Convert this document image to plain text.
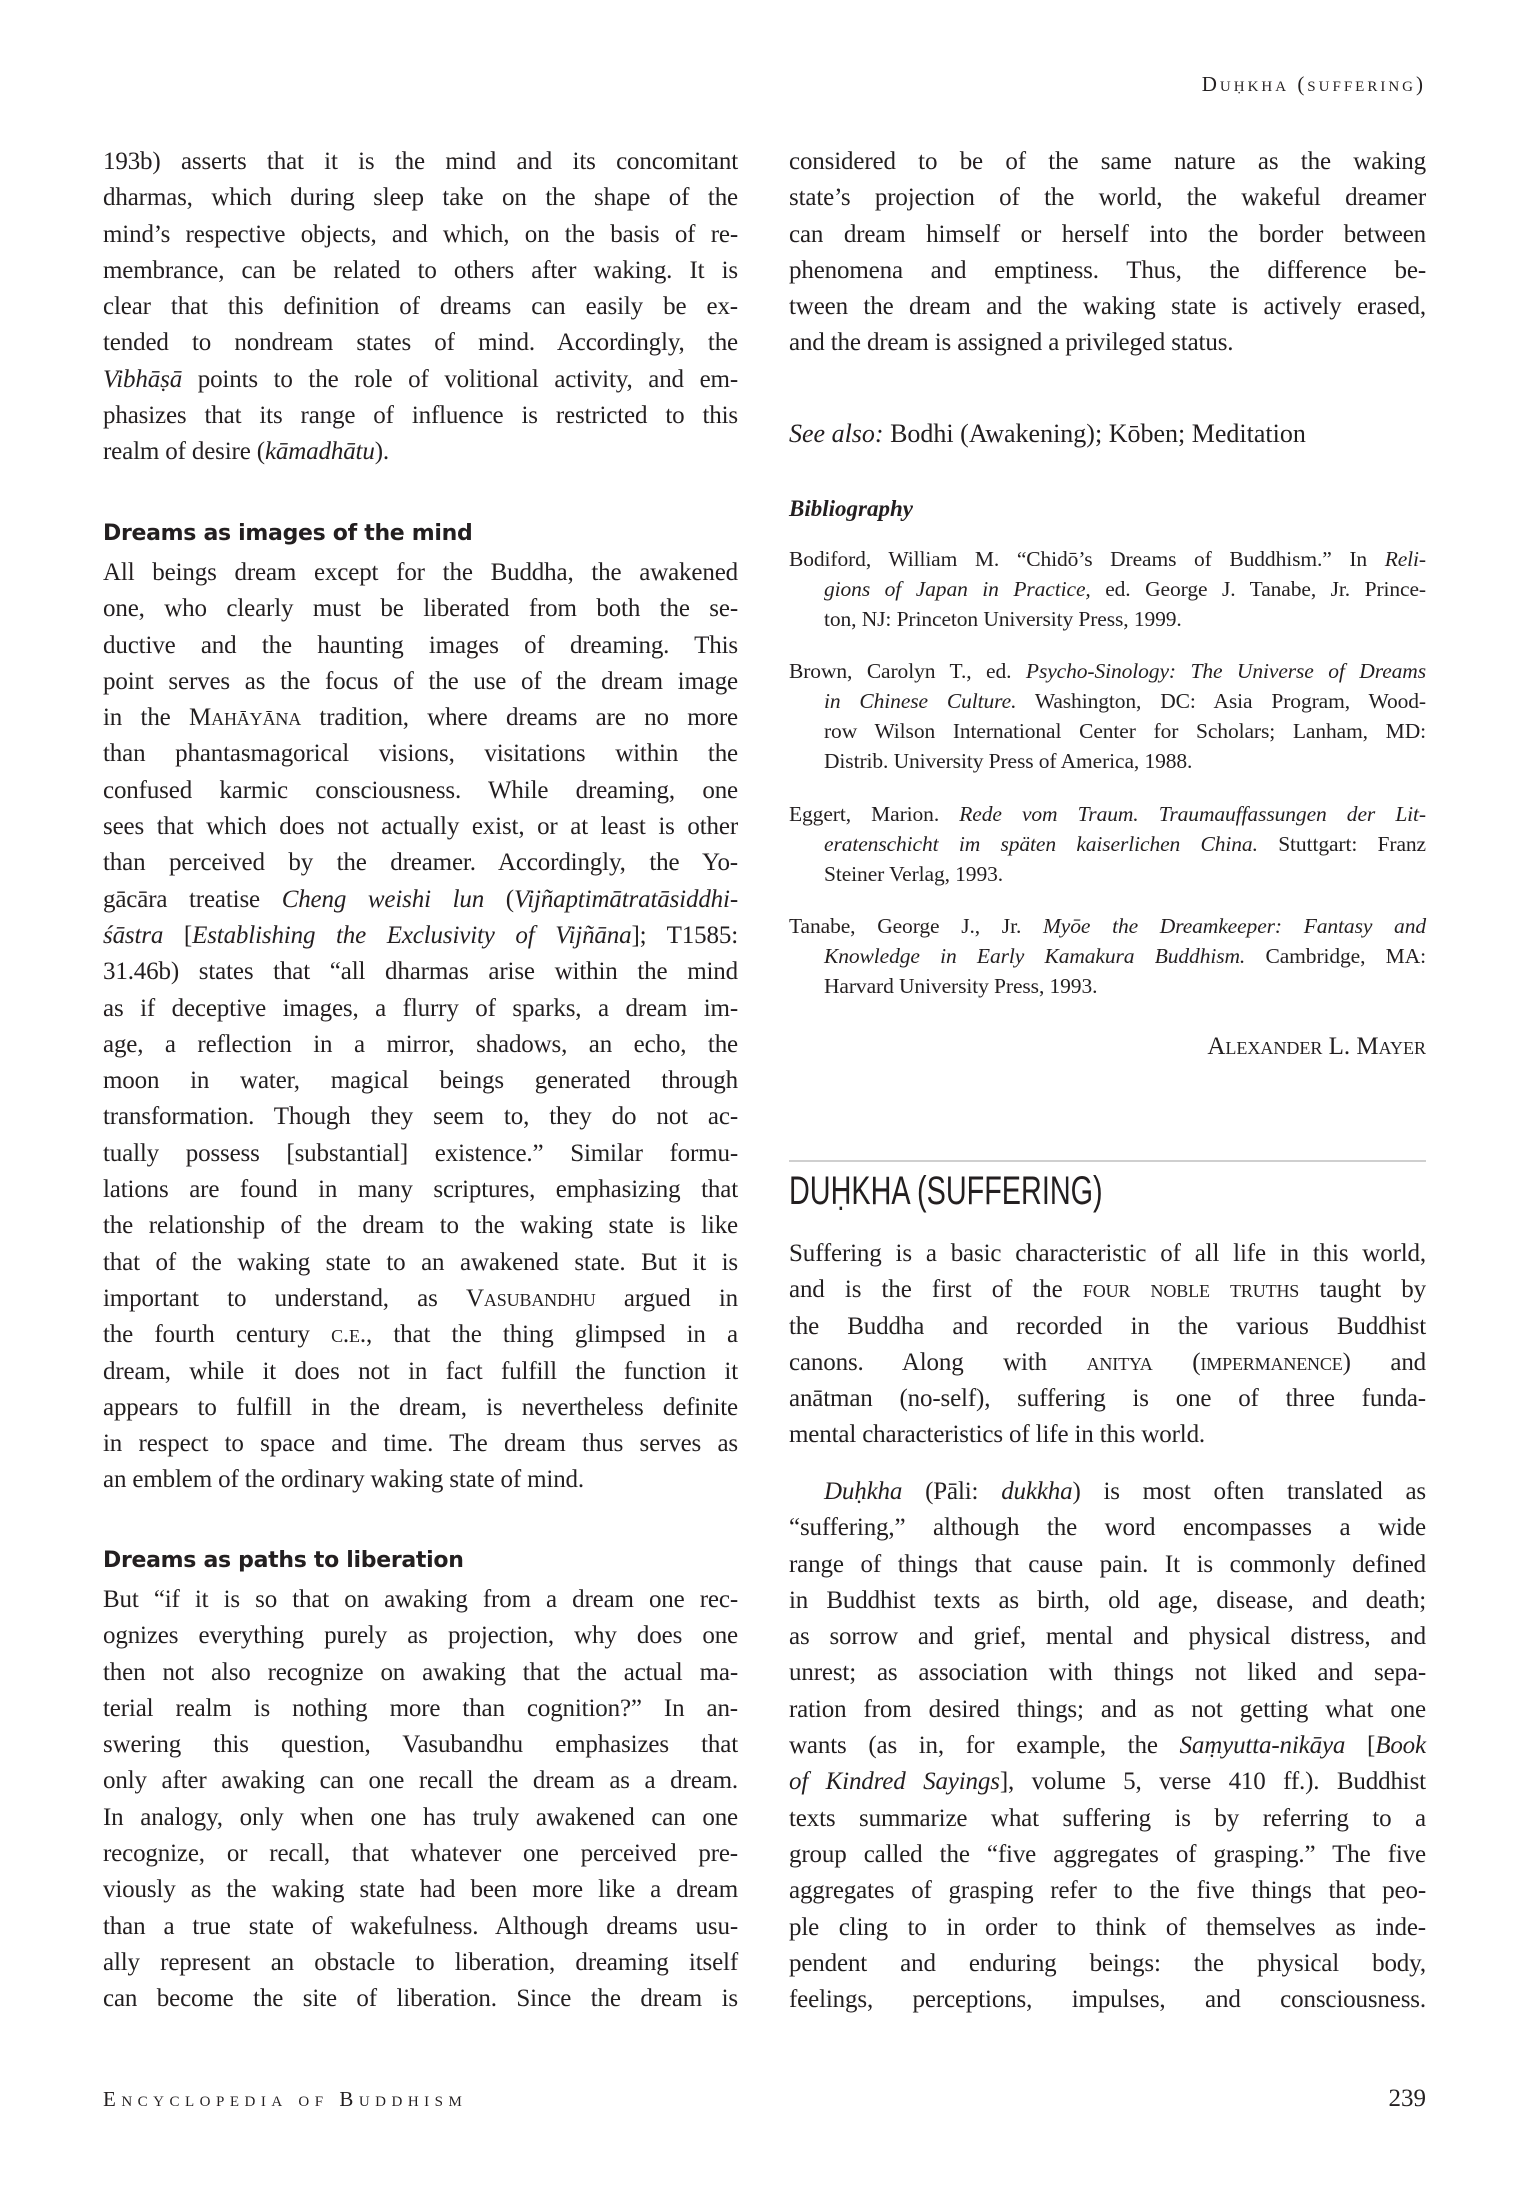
Duḥkha (suffering)
193b) asserts that it is the mind and its concomitant
dharmas, which during sleep take on the shape of the
mind’s respective objects, and which, on the basis of re-
membrance, can be related to others after waking. It is
clear that this definition of dreams can easily be ex-
tended to nondream states of mind. Accordingly, the
Vibhāṣā points to the role of volitional activity, and em-
phasizes that its range of influence is restricted to this
realm of desire (kāmadhātu).
Dreams as images of the mind
All beings dream except for the Buddha, the awakened
one, who clearly must be liberated from both the se-
ductive and the haunting images of dreaming. This
point serves as the focus of the use of the dream image
in the Mahāyāna tradition, where dreams are no more
than phantasmagorical visions, visitations within the
confused karmic consciousness. While dreaming, one
sees that which does not actually exist, or at least is other
than perceived by the dreamer. Accordingly, the Yo-
gācāra treatise Cheng weishi lun (Vijñaptimātratāsiddhi-
śāstra [Establishing the Exclusivity of Vijñāna]; T1585:
31.46b) states that “all dharmas arise within the mind
as if deceptive images, a flurry of sparks, a dream im-
age, a reflection in a mirror, shadows, an echo, the
moon in water, magical beings generated through
transformation. Though they seem to, they do not ac-
tually possess [substantial] existence.” Similar formu-
lations are found in many scriptures, emphasizing that
the relationship of the dream to the waking state is like
that of the waking state to an awakened state. But it is
important to understand, as Vasubandhu argued in
the fourth century c.e., that the thing glimpsed in a
dream, while it does not in fact fulfill the function it
appears to fulfill in the dream, is nevertheless definite
in respect to space and time. The dream thus serves as
an emblem of the ordinary waking state of mind.
Dreams as paths to liberation
But “if it is so that on awaking from a dream one rec-
ognizes everything purely as projection, why does one
then not also recognize on awaking that the actual ma-
terial realm is nothing more than cognition?” In an-
swering this question, Vasubandhu emphasizes that
only after awaking can one recall the dream as a dream.
In analogy, only when one has truly awakened can one
recognize, or recall, that whatever one perceived pre-
viously as the waking state had been more like a dream
than a true state of wakefulness. Although dreams usu-
ally represent an obstacle to liberation, dreaming itself
can become the site of liberation. Since the dream is
considered to be of the same nature as the waking
state’s projection of the world, the wakeful dreamer
can dream himself or herself into the border between
phenomena and emptiness. Thus, the difference be-
tween the dream and the waking state is actively erased,
and the dream is assigned a privileged status.
See also: Bodhi (Awakening); Kōben; Meditation
Bibliography
Bodiford, William M. “Chidō’s Dreams of Buddhism.” In Reli-
gions of Japan in Practice, ed. George J. Tanabe, Jr. Prince-
ton, NJ: Princeton University Press, 1999.
Brown, Carolyn T., ed. Psycho-Sinology: The Universe of Dreams
in Chinese Culture. Washington, DC: Asia Program, Wood-
row Wilson International Center for Scholars; Lanham, MD:
Distrib. University Press of America, 1988.
Eggert, Marion. Rede vom Traum. Traumauffassungen der Lit-
eratenschicht im späten kaiserlichen China. Stuttgart: Franz
Steiner Verlag, 1993.
Tanabe, George J., Jr. Myōe the Dreamkeeper: Fantasy and
Knowledge in Early Kamakura Buddhism. Cambridge, MA:
Harvard University Press, 1993.
Alexander L. Mayer
DUḤKHA (SUFFERING)
Suffering is a basic characteristic of all life in this world,
and is the first of the four noble truths taught by
the Buddha and recorded in the various Buddhist
canons. Along with anitya (impermanence) and
anātman (no-self), suffering is one of three funda-
mental characteristics of life in this world.
Duḥkha (Pāli: dukkha) is most often translated as
“suffering,” although the word encompasses a wide
range of things that cause pain. It is commonly defined
in Buddhist texts as birth, old age, disease, and death;
as sorrow and grief, mental and physical distress, and
unrest; as association with things not liked and sepa-
ration from desired things; and as not getting what one
wants (as in, for example, the Saṃyutta-nikāya [Book
of Kindred Sayings], volume 5, verse 410 ff.). Buddhist
texts summarize what suffering is by referring to a
group called the “five aggregates of grasping.” The five
aggregates of grasping refer to the five things that peo-
ple cling to in order to think of themselves as inde-
pendent and enduring beings: the physical body,
feelings, perceptions, impulses, and consciousness.
Encyclopedia of Buddhism	239
